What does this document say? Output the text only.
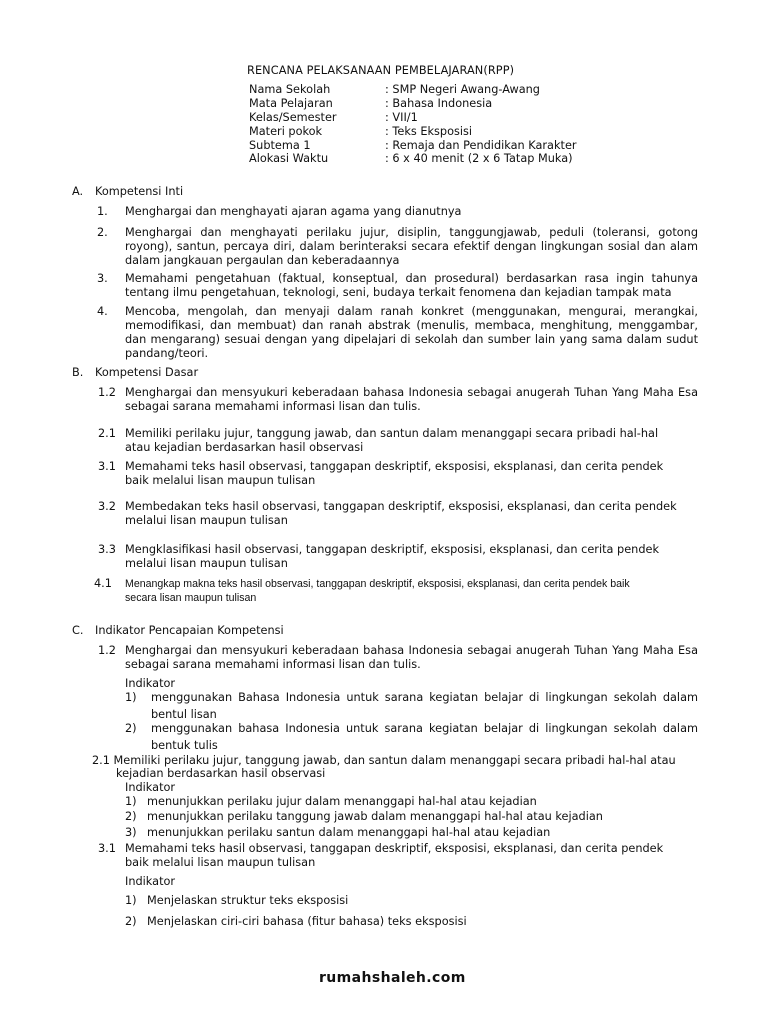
RENCANA PELAKSANAAN PEMBELAJARAN(RPP)
Nama Sekolah	: SMP Negeri Awang-Awang
Mata Pelajaran	: Bahasa Indonesia
Kelas/Semester	: VII/1
Materi pokok	: Teks Eksposisi
Subtema 1	: Remaja dan Pendidikan Karakter
Alokasi Waktu	: 6 x 40 menit (2 x 6 Tatap Muka)
A. Kompetensi Inti
1. Menghargai dan menghayati ajaran agama yang dianutnya
2. Menghargai dan menghayati perilaku jujur, disiplin, tanggungjawab, peduli (toleransi, gotong royong), santun, percaya diri, dalam berinteraksi secara efektif dengan lingkungan sosial dan alam dalam jangkauan pergaulan dan keberadaannya
3. Memahami pengetahuan (faktual, konseptual, dan prosedural) berdasarkan rasa ingin tahunya tentang ilmu pengetahuan, teknologi, seni, budaya terkait fenomena dan kejadian tampak mata
4. Mencoba, mengolah, dan menyaji dalam ranah konkret (menggunakan, mengurai, merangkai, memodifikasi, dan membuat) dan ranah abstrak (menulis, membaca, menghitung, menggambar, dan mengarang) sesuai dengan yang dipelajari di sekolah dan sumber lain yang sama dalam sudut pandang/teori.
B. Kompetensi Dasar
1.2 Menghargai dan mensyukuri keberadaan bahasa Indonesia sebagai anugerah Tuhan Yang Maha Esa sebagai sarana memahami informasi lisan dan tulis.
2.1 Memiliki perilaku jujur, tanggung jawab, dan santun dalam menanggapi secara pribadi hal-hal atau kejadian berdasarkan hasil observasi
3.1 Memahami teks hasil observasi, tanggapan deskriptif, eksposisi, eksplanasi, dan cerita pendek baik melalui lisan maupun tulisan
3.2 Membedakan teks hasil observasi, tanggapan deskriptif, eksposisi, eksplanasi, dan cerita pendek melalui lisan maupun tulisan
3.3 Mengklasifikasi hasil observasi, tanggapan deskriptif, eksposisi, eksplanasi, dan cerita pendek melalui lisan maupun tulisan
4.1 Menangkap makna teks hasil observasi, tanggapan deskriptif, eksposisi, eksplanasi, dan cerita pendek baik
secara lisan maupun tulisan
C. Indikator Pencapaian Kompetensi
1.2 Menghargai dan mensyukuri keberadaan bahasa Indonesia sebagai anugerah Tuhan Yang Maha Esa sebagai sarana memahami informasi lisan dan tulis.
Indikator
1) menggunakan Bahasa Indonesia untuk sarana kegiatan belajar di lingkungan sekolah dalam
bentul lisan
2) menggunakan bahasa Indonesia untuk sarana kegiatan belajar di lingkungan sekolah dalam
bentuk tulis
2.1 Memiliki perilaku jujur, tanggung jawab, dan santun dalam menanggapi secara pribadi hal-hal atau
kejadian berdasarkan hasil observasi
Indikator
1) menunjukkan perilaku jujur dalam menanggapi hal-hal atau kejadian
2) menunjukkan perilaku tanggung jawab dalam menanggapi hal-hal atau kejadian
3) menunjukkan perilaku santun dalam menanggapi hal-hal atau kejadian
3.1 Memahami teks hasil observasi, tanggapan deskriptif, eksposisi, eksplanasi, dan cerita pendek baik melalui lisan maupun tulisan
Indikator
1) Menjelaskan struktur teks eksposisi
2) Menjelaskan ciri-ciri bahasa (fitur bahasa) teks eksposisi
rumahshaleh.com
